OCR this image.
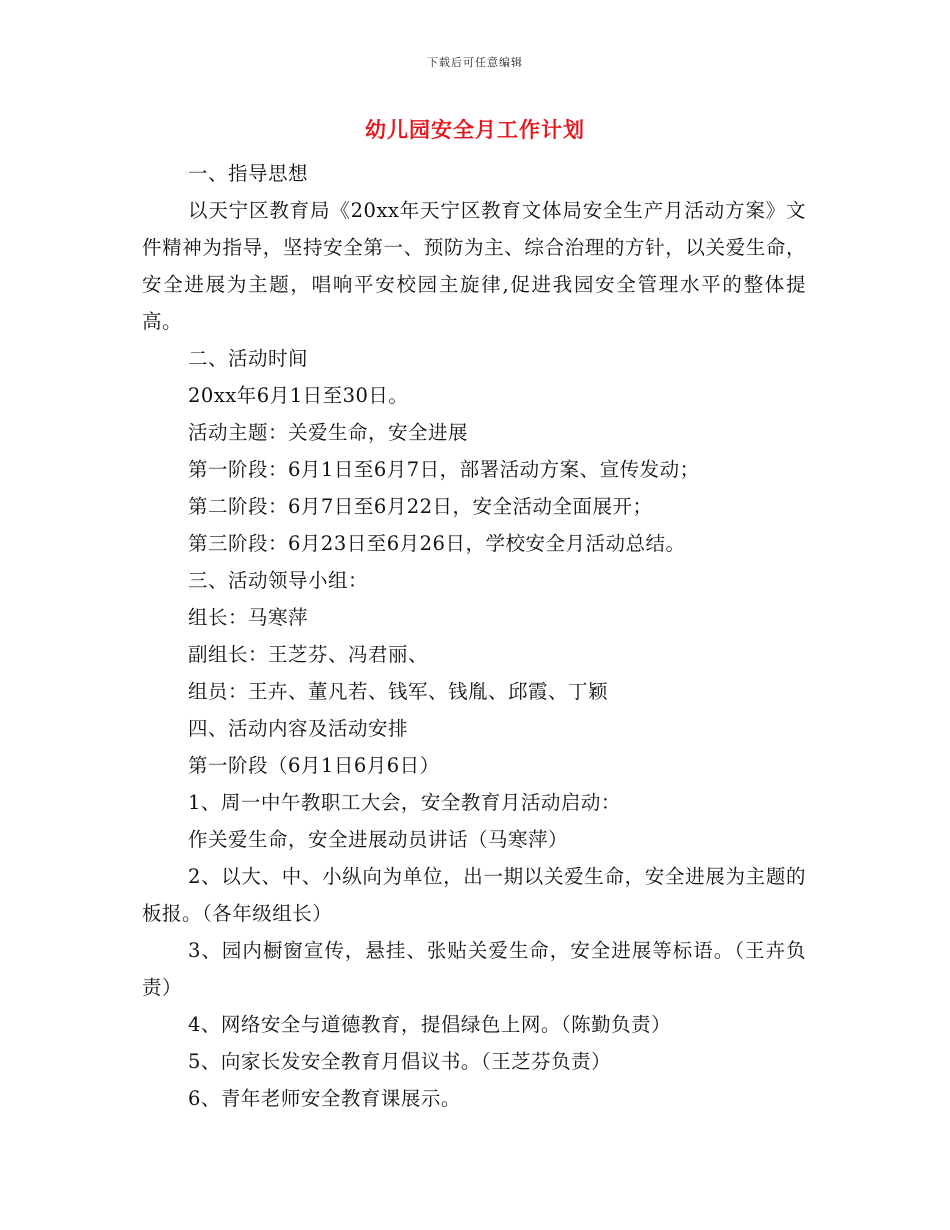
下载后可任意编辑
幼儿园安全月工作计划

一、指导思想

以天宁区教育局《20xx年天宁区教育文体局安全生产月活动方案》文件精神为指导，坚持安全第一、预防为主、综合治理的方针，以关爱生命，安全进展为主题，唱响平安校园主旋律,促进我园安全管理水平的整体提高。

二、活动时间

20xx年6月1日至30日。

活动主题：关爱生命，安全进展

第一阶段：6月1日至6月7日，部署活动方案、宣传发动；

第二阶段：6月7日至6月22日，安全活动全面展开；

第三阶段：6月23日至6月26日，学校安全月活动总结。

三、活动领导小组：

组长：马寒萍

副组长：王芝芬、冯君丽、

组员：王卉、董凡若、钱军、钱胤、邱霞、丁颖

四、活动内容及活动安排

第一阶段（6月1日6月6日）

1、周一中午教职工大会，安全教育月活动启动：

作关爱生命，安全进展动员讲话（马寒萍）

2、以大、中、小纵向为单位，出一期以关爱生命，安全进展为主题的板报。（各年级组长）

3、园内橱窗宣传，悬挂、张贴关爱生命，安全进展等标语。（王卉负责）

4、网络安全与道德教育，提倡绿色上网。（陈勤负责）

5、向家长发安全教育月倡议书。（王芝芬负责）

6、青年老师安全教育课展示。
